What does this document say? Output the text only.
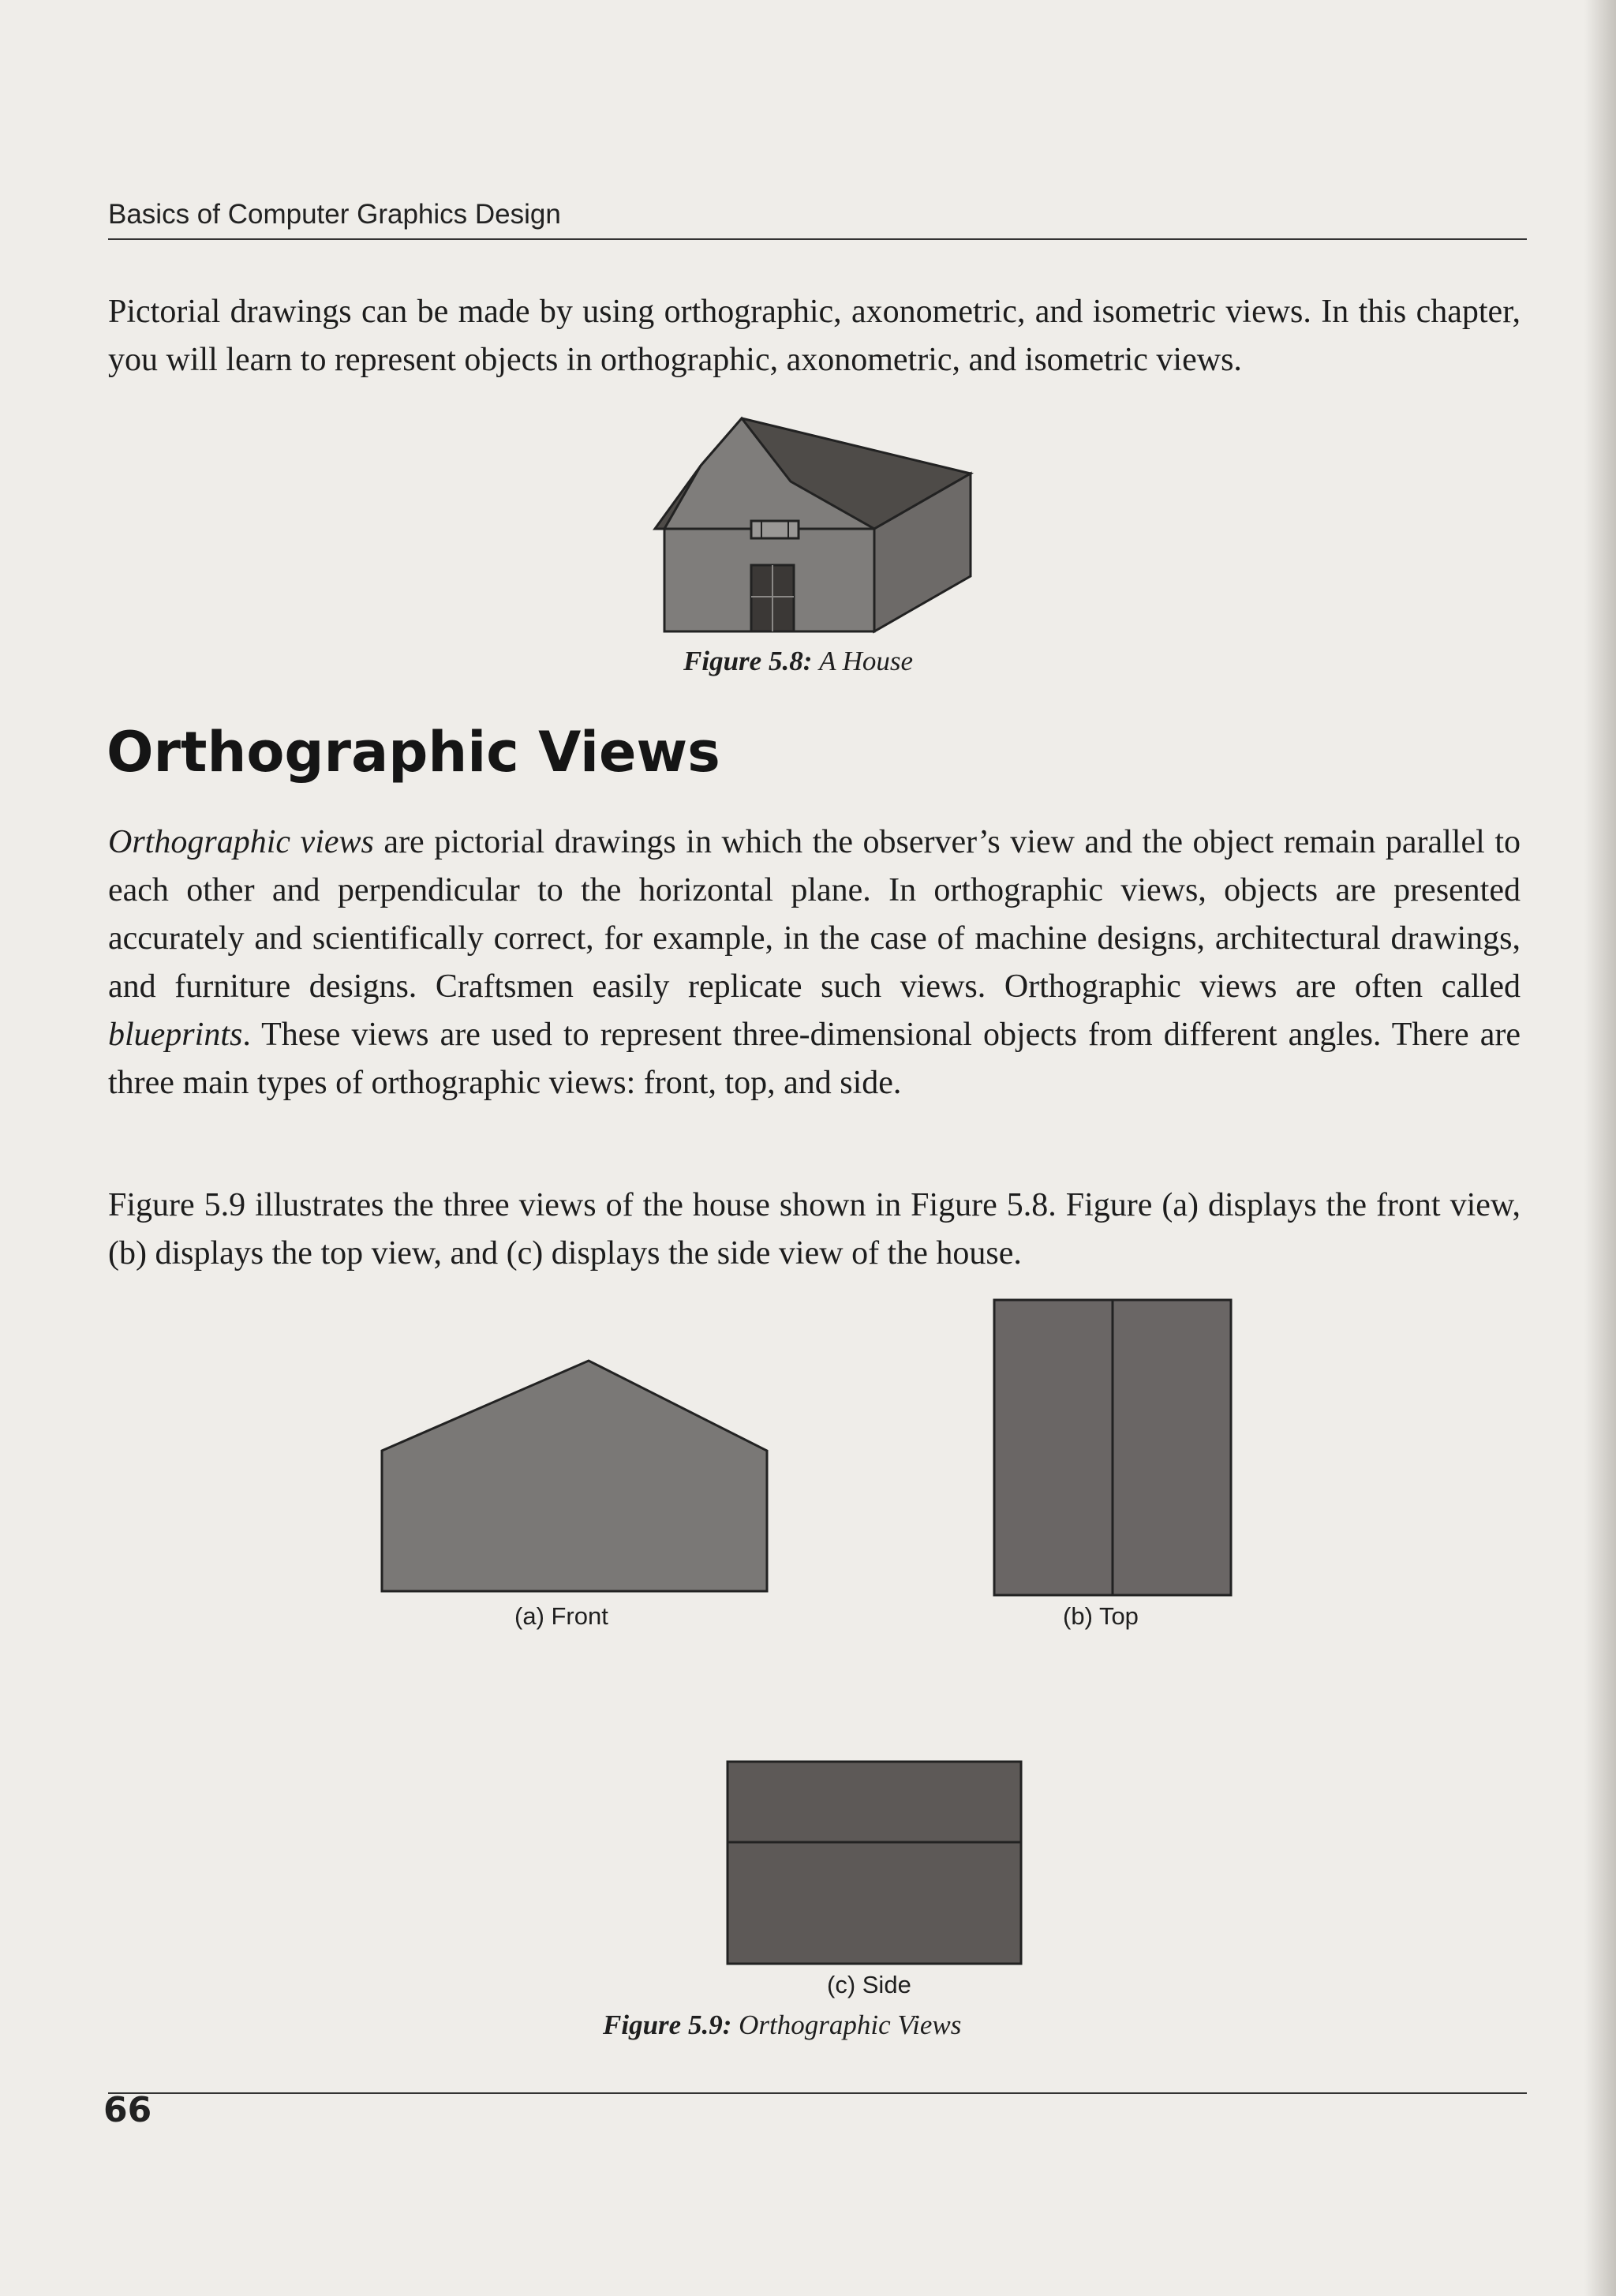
Basics of Computer Graphics Design

Pictorial drawings can be made by using orthographic, axonometric, and isometric views. In this chapter, you will learn to represent objects in orthographic, axonometric, and isometric views.

Figure 5.8: A House
Orthographic Views

Orthographic views are pictorial drawings in which the observer’s view and the object remain parallel to each other and perpendicular to the horizontal plane. In orthographic views, objects are presented accurately and scientifically correct, for example, in the case of machine designs, architectural drawings, and furniture designs. Craftsmen easily replicate such views. Orthographic views are often called blueprints. These views are used to represent three-dimensional objects from different angles. There are three main types of orthographic views: front, top, and side.

Figure 5.9 illustrates the three views of the house shown in Figure 5.8. Figure (a) displays the front view, (b) displays the top view, and (c) displays the side view of the house.

(a) Front	(b) Top
(c) Side
Figure 5.9: Orthographic Views
66
